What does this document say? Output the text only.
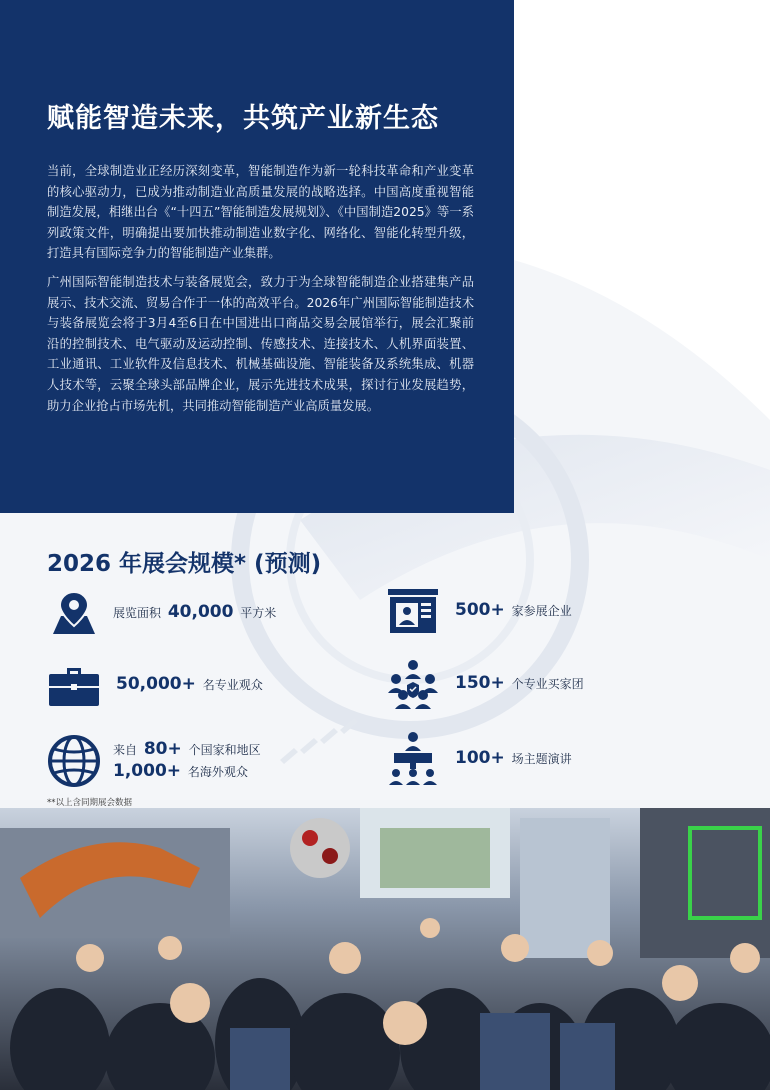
赋能智造未来，共筑产业新生态

当前，全球制造业正经历深刻变革，智能制造作为新一轮科技革命和产业变革的核心驱动力，已成为推动制造业高质量发展的战略选择。中国高度重视智能制造发展，相继出台《“十四五”智能制造发展规划》、《中国制造2025》等一系列政策文件，明确提出要加快推动制造业数字化、网络化、智能化转型升级，打造具有国际竞争力的智能制造产业集群。

广州国际智能制造技术与装备展览会，致力于为全球智能制造企业搭建集产品展示、技术交流、贸易合作于一体的高效平台。2026年广州国际智能制造技术与装备展览会将于3月4至6日在中国进出口商品交易会展馆举行，展会汇聚前沿的控制技术、电气驱动及运动控制、传感技术、连接技术、人机界面装置、工业通讯、工业软件及信息技术、机械基础设施、智能装备及系统集成、机器人技术等，云聚全球头部品牌企业，展示先进技术成果，探讨行业发展趋势，助力企业抢占市场先机，共同推动智能制造产业高质量发展。

2026 年展会规模* (预测)
展览面积 40,000 平方米	500+ 家参展企业
50,000+ 名专业观众	150+ 个专业买家团
来自 80+ 个国家和地区
1,000+ 名海外观众
100+ 场主题演讲
**以上含同期展会数据
